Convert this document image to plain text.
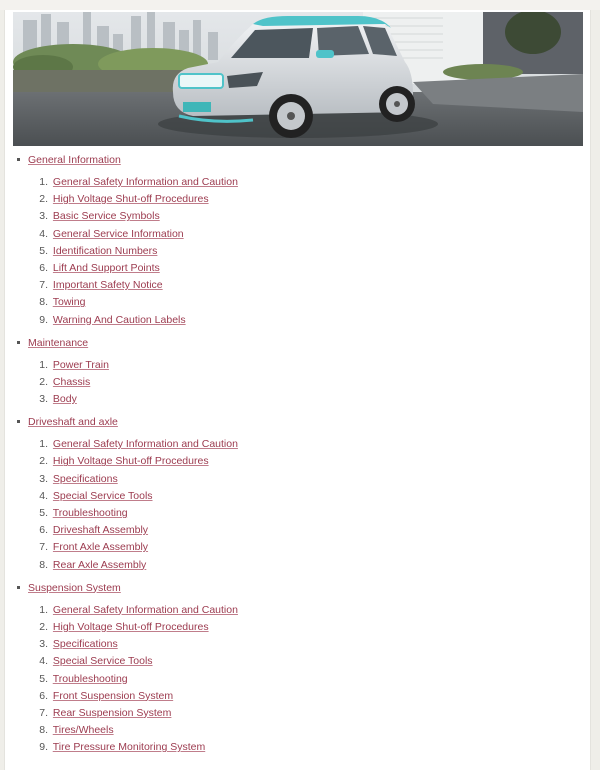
General Information
1. General Safety Information and Caution
2. High Voltage Shut-off Procedures
3. Basic Service Symbols
4. General Service Information
5. Identification Numbers
6. Lift And Support Points
7. Important Safety Notice
8. Towing
9. Warning And Caution Labels
Maintenance
1. Power Train
2. Chassis
3. Body
Driveshaft and axle
1. General Safety Information and Caution
2. High Voltage Shut-off Procedures
3. Specifications
4. Special Service Tools
5. Troubleshooting
6. Driveshaft Assembly
7. Front Axle Assembly
8. Rear Axle Assembly
Suspension System
1. General Safety Information and Caution
2. High Voltage Shut-off Procedures
3. Specifications
4. Special Service Tools
5. Troubleshooting
6. Front Suspension System
7. Rear Suspension System
8. Tires/Wheels
9. Tire Pressure Monitoring System
